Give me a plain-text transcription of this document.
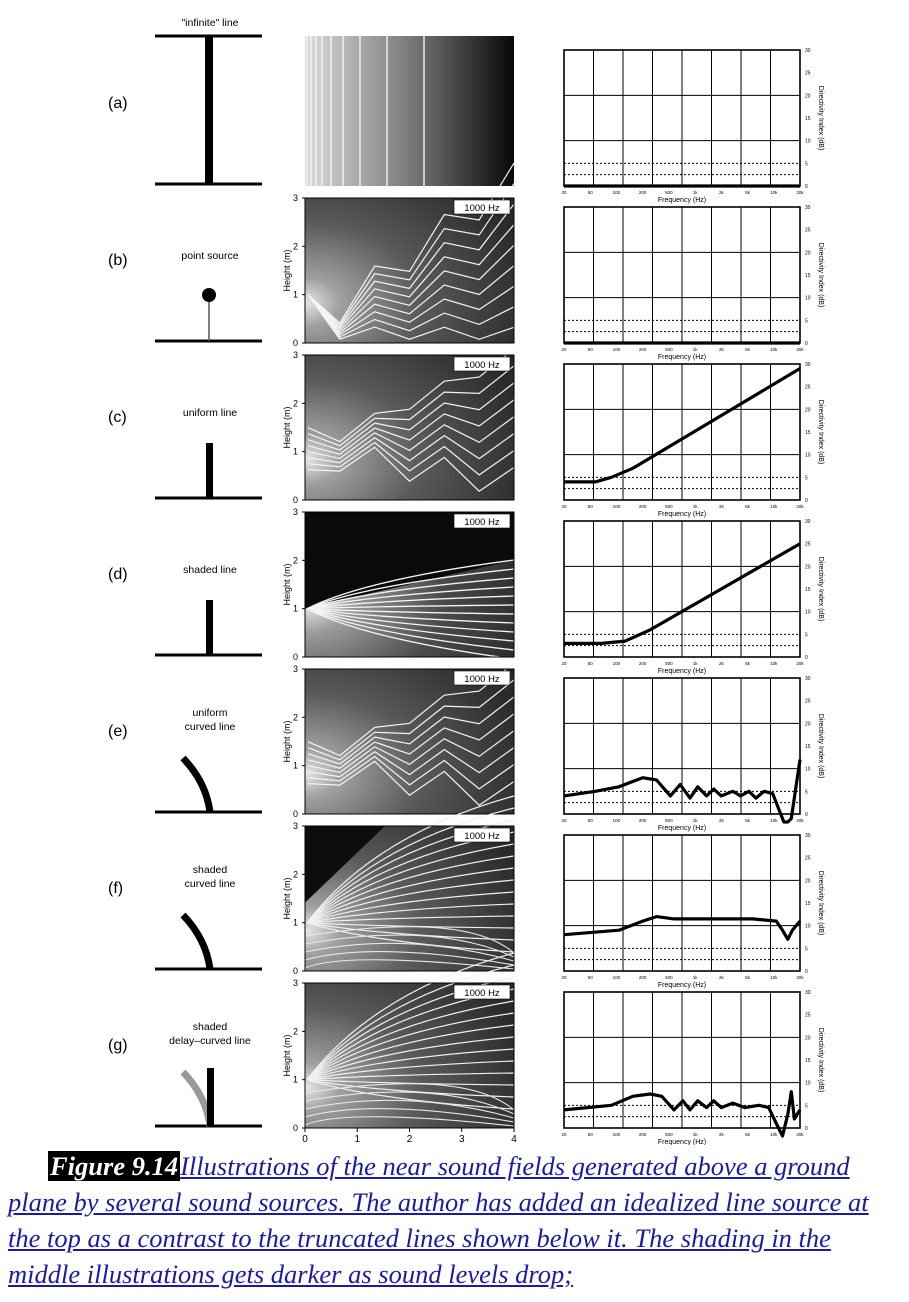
(a)
"infinite" line
0
5
10
15
20
25
30
Directivity Index (dB)
20	50	100	200	500	1k	2k	5k	10k	20k
Frequency (Hz)
(b)	point source
1000 Hz
0
1
2
3
Height (m)
0
5
10
15
20
25
30
Directivity Index (dB)
20	50	100	200	500	1k	2k	5k	10k	20k
Frequency (Hz)
(c)	uniform line
1000 Hz
0
1
2
3
Height (m)
0
5
10
15
20
25
30
Directivity Index (dB)
20	50	100	200	500	1k	2k	5k	10k	20k
Frequency (Hz)
(d)	shaded line
1000 Hz
0
1
2
3
Height (m)
0
5
10
15
20
25
30
Directivity Index (dB)
20	50	100	200	500	1k	2k	5k	10k	20k
Frequency (Hz)
(e)
uniform
curved line
1000 Hz
0
1
2
3
Height (m)
0
5
10
15
20
25
30
Directivity Index (dB)
20	50	100	200	500	1k	2k	5k	10k	20k
Frequency (Hz)
(f)
shaded
curved line
1000 Hz
0
1
2
3
Height (m)
0
5
10
15
20
25
30
Directivity Index (dB)
20	50	100	200	500	1k	2k	5k	10k	20k
Frequency (Hz)
(g)
shaded
delay–curved line
1000 Hz
0
1
2
3
Height (m)
0
5
10
15
20
25
30
Directivity Index (dB)
20	50	100	200	500	1k	2k	5k	10k	20k
Frequency (Hz)
0	1	2	3	4
Figure 9.14Illustrations of the near sound fields generated above a ground plane by several sound sources. The author has added an idealized line source at the top as a contrast to the truncated lines shown below it. The shading in the middle illustrations gets darker as sound levels drop;
